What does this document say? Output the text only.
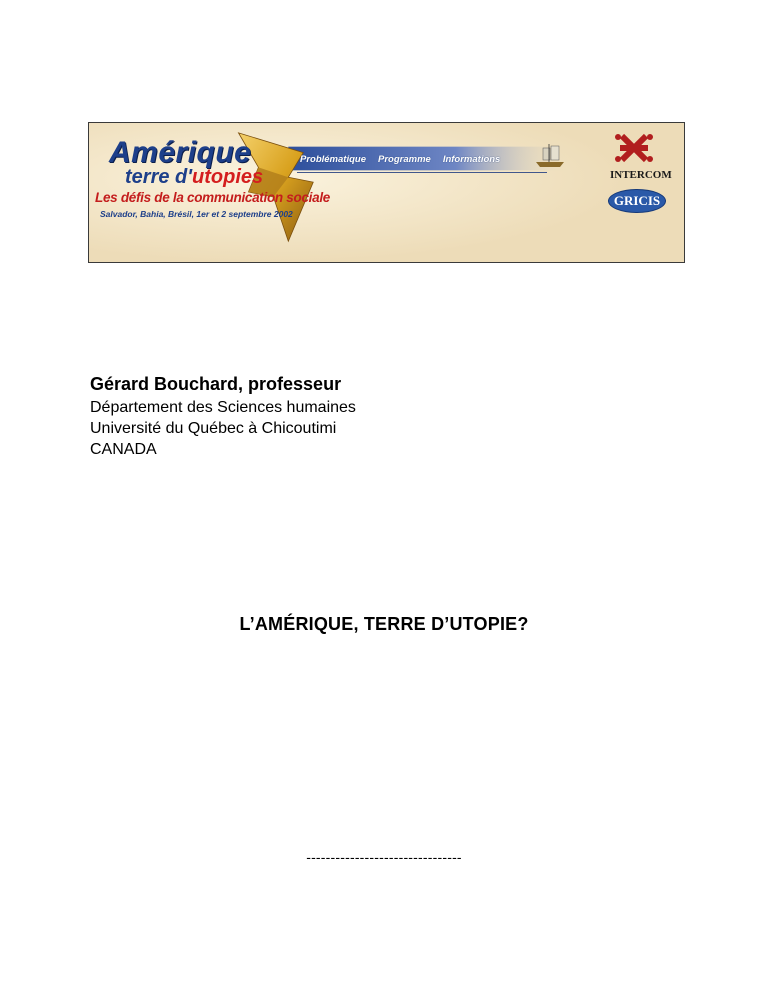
Amérique
terre d'utopies
Les défis de la communication sociale
Salvador, Bahia, Brésil, 1er et 2 septembre 2002
Problématique Programme Informations
INTERCOM
GRICIS

Gérard Bouchard, professeur

Département des Sciences humaines

Université du Québec à Chicoutimi

CANADA

L’AMÉRIQUE, TERRE D’UTOPIE?
--------------------------------
